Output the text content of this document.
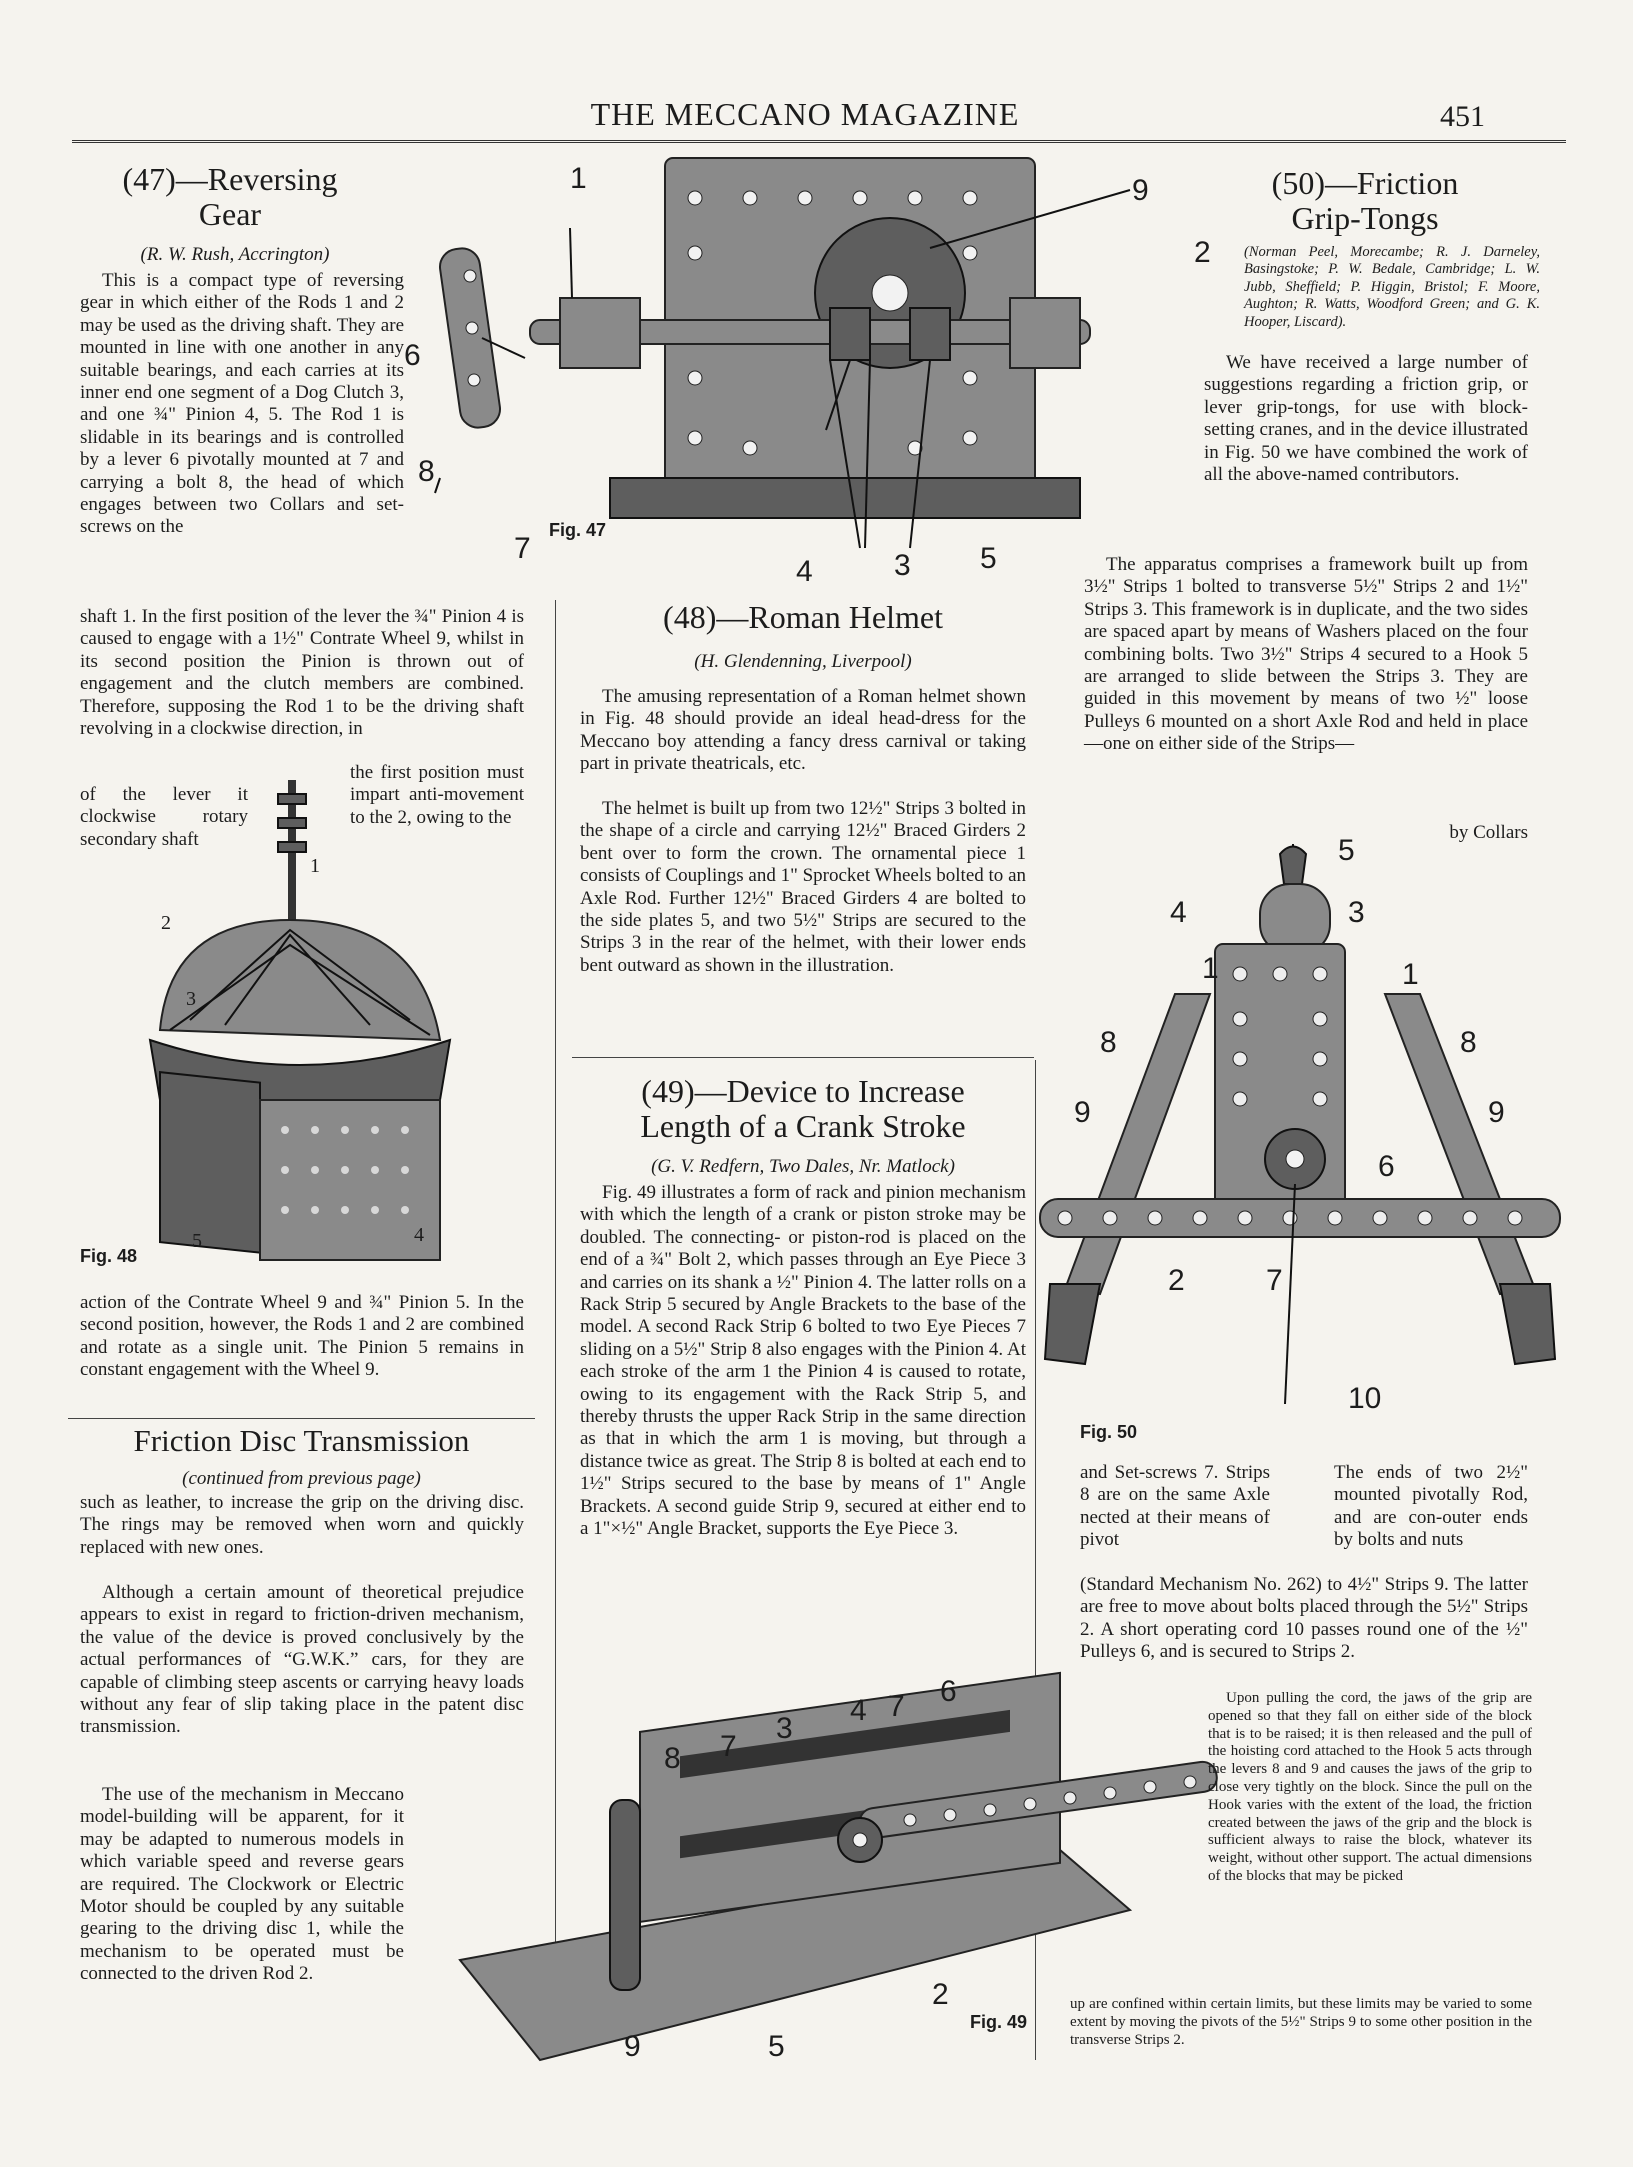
THE MECCANO MAGAZINE	451
(47)—Reversing
Gear
(R. W. Rush, Accrington)

This is a compact type of reversing gear in which either of the Rods 1 and 2 may be used as the driving shaft. They are mounted in line with one another in any suitable bearings, and each carries at its inner end one segment of a Dog Clutch 3, and one ¾" Pinion 4, 5. The Rod 1 is slidable in its bearings and is controlled by a lever 6 pivotally mounted at 7 and carrying a bolt 8, the head of which engages between two Collars and set-screws on the

shaft 1. In the first position of the lever the ¾" Pinion 4 is caused to engage with a 1½" Contrate Wheel 9, whilst in its second position the Pinion is thrown out of engagement and the clutch members are combined. Therefore, supposing the Rod 1 to be the driving shaft revolving in a clockwise direction, in

of the lever it clockwise rotary secondary shaft

the first position must impart anti-movement to the 2, owing to the

action of the Contrate Wheel 9 and ¾" Pinion 5. In the second position, however, the Rods 1 and 2 are combined and rotate as a single unit. The Pinion 5 remains in constant engagement with the Wheel 9.

1	9
2
6
8
7
Fig. 47
4	3 5
2
3
1
5	4
Fig. 48
Friction Disc Transmission
(continued from previous page)

such as leather, to increase the grip on the driving disc. The rings may be removed when worn and quickly replaced with new ones.

Although a certain amount of theoretical prejudice appears to exist in regard to friction-driven mechanism, the value of the device is proved conclusively by the actual performances of “G.W.K.” cars, for they are capable of climbing steep ascents or carrying heavy loads without any fear of slip taking place in the patent disc transmission.

The use of the mechanism in Meccano model-building will be apparent, for it may be adapted to numerous models in which variable speed and reverse gears are required. The Clockwork or Electric Motor should be coupled by any suitable gearing to the driving disc 1, while the mechanism to be operated must be connected to the driven Rod 2.

(48)—Roman Helmet
(H. Glendenning, Liverpool)

The amusing representation of a Roman helmet shown in Fig. 48 should provide an ideal head-dress for the Meccano boy attending a fancy dress carnival or taking part in private theatricals, etc.

The helmet is built up from two 12½" Strips 3 bolted in the shape of a circle and carrying 12½" Braced Girders 2 bent over to form the crown. The ornamental piece 1 consists of Couplings and 1" Sprocket Wheels bolted to an Axle Rod. Further 12½" Braced Girders 4 are bolted to the side plates 5, and two 5½" Strips are secured to the Strips 3 in the rear of the helmet, with their lower ends bent outward as shown in the illustration.

(49)—Device to Increase
Length of a Crank Stroke
(G. V. Redfern, Two Dales, Nr. Matlock)

Fig. 49 illustrates a form of rack and pinion mechanism with which the length of a crank or piston stroke may be doubled. The connecting- or piston-rod is placed on the end of a ¾" Bolt 2, which passes through an Eye Piece 3 and carries on its shank a ½" Pinion 4. The latter rolls on a Rack Strip 5 secured by Angle Brackets to the base of the model. A second Rack Strip 6 bolted to two Eye Pieces 7 sliding on a 5½" Strip 8 also engages with the Pinion 4. At each stroke of the arm 1 the Pinion 4 is caused to rotate, owing to its engagement with the Rack Strip 5, and thereby thrusts the upper Rack Strip in the same direction as that in which the arm 1 is moving, but through a distance twice as great. The Strip 8 is bolted at each end to 1½" Strips secured to the base by means of 1" Angle Brackets. A second guide Strip 9, secured at either end to a 1"×½" Angle Bracket, supports the Eye Piece 3.

8 7
3
4 7 6
9	5
2
Fig. 49
(50)—Friction
Grip-Tongs

(Norman Peel, Morecambe; R. J. Darneley, Basingstoke; P. W. Bedale, Cambridge; L. W. Jubb, Sheffield; P. Higgin, Bristol; F. Moore, Aughton; R. Watts, Woodford Green; and G. K. Hooper, Liscard).

We have received a large number of suggestions regarding a friction grip, or lever grip-tongs, for use with block-setting cranes, and in the device illustrated in Fig. 50 we have combined the work of all the above-named contributors.

The apparatus comprises a framework built up from 3½" Strips 1 bolted to transverse 5½" Strips 2 and 1½" Strips 3. This framework is in duplicate, and the two sides are spaced apart by means of Washers placed on the four combining bolts. Two 3½" Strips 4 secured to a Hook 5 are arranged to slide between the Strips 3. They are guided in this movement by means of two ½" loose Pulleys 6 mounted on a short Axle Rod and held in place—one on either side of the Strips—

by Collars

5
4	3
1	1
8	8
9	9
6
2	7
10
Fig. 50

and Set-screws 7. Strips 8 are on the same Axle nected at their means of pivot

The ends of two 2½" mounted pivotally Rod, and are con-outer ends by bolts and nuts

(Standard Mechanism No. 262) to 4½" Strips 9. The latter are free to move about bolts placed through the 5½" Strips 2. A short operating cord 10 passes round one of the ½" Pulleys 6, and is secured to Strips 2.

Upon pulling the cord, the jaws of the grip are opened so that they fall on either side of the block that is to be raised; it is then released and the pull of the hoisting cord attached to the Hook 5 acts through the levers 8 and 9 and causes the jaws of the grip to close very tightly on the block. Since the pull on the Hook varies with the extent of the load, the friction created between the jaws of the grip and the block is sufficient always to raise the block, whatever its weight, without other support. The actual dimensions of the blocks that may be picked

up are confined within certain limits, but these limits may be varied to some extent by moving the pivots of the 5½" Strips 9 to some other position in the transverse Strips 2.
